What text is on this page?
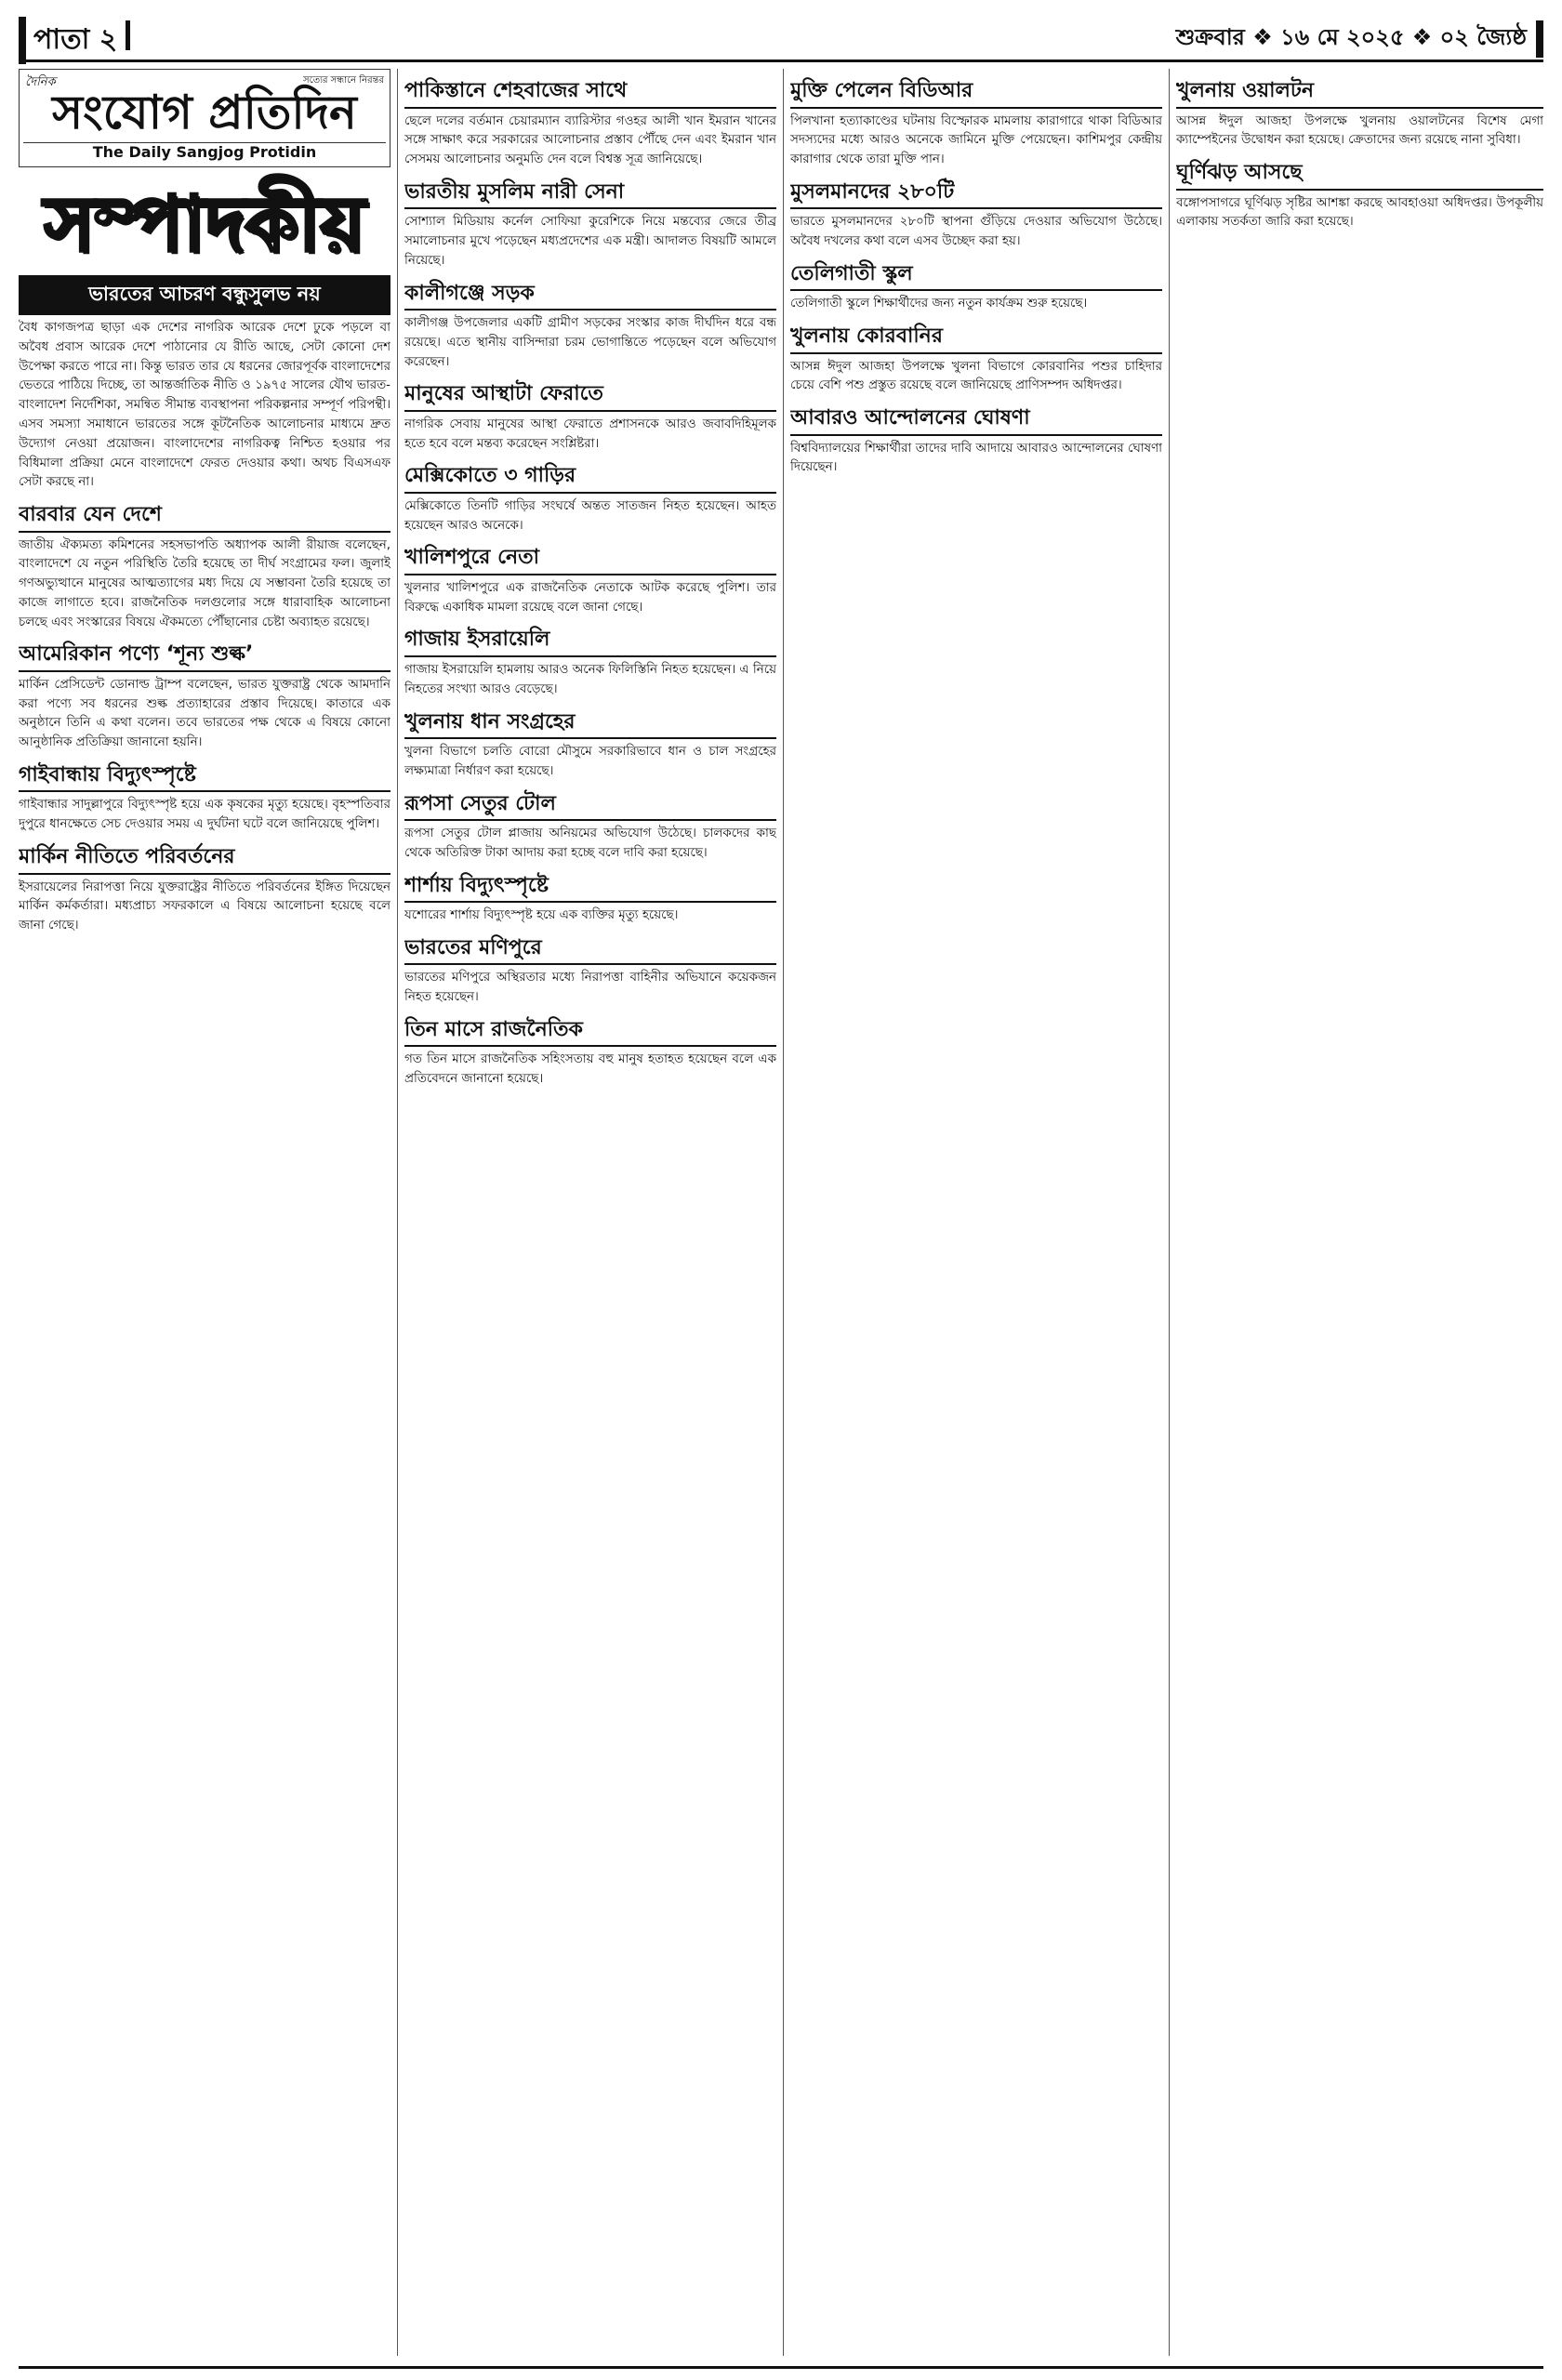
পাতা ২	শুক্রবার ❖ ১৬ মে ২০২৫ ❖ ০২ জ্যৈষ্ঠ
দৈনিক	সত্যের সন্ধানে নিরন্তর
সংযোগ প্রতিদিন
The Daily Sangjog Protidin
সম্পাদকীয়
ভারতের আচরণ বন্ধুসুলভ নয়

বৈধ কাগজপত্র ছাড়া এক দেশের নাগরিক আরেক দেশে ঢুকে পড়লে বা অবৈধ প্রবাস আরেক দেশে পাঠানোর যে রীতি আছে, সেটা কোনো দেশ উপেক্ষা করতে পারে না। কিন্তু ভারত তার যে ধরনের জোরপূর্বক বাংলাদেশের ভেতরে পাঠিয়ে দিচ্ছে, তা আন্তর্জাতিক নীতি ও ১৯৭৫ সালের যৌথ ভারত-বাংলাদেশ নির্দেশিকা, সমন্বিত সীমান্ত ব্যবস্থাপনা পরিকল্পনার সম্পূর্ণ পরিপন্থী। এসব সমস্যা সমাধানে ভারতের সঙ্গে কূটনৈতিক আলোচনার মাধ্যমে দ্রুত উদ্যোগ নেওয়া প্রয়োজন। বাংলাদেশের নাগরিকত্ব নিশ্চিত হওয়ার পর বিধিমালা প্রক্রিয়া মেনে বাংলাদেশে ফেরত দেওয়ার কথা। অথচ বিএসএফ সেটা করছে না।

বারবার যেন দেশে

জাতীয় ঐক্যমত্য কমিশনের সহসভাপতি অধ্যাপক আলী রীয়াজ বলেছেন, বাংলাদেশে যে নতুন পরিস্থিতি তৈরি হয়েছে তা দীর্ঘ সংগ্রামের ফল। জুলাই গণঅভ্যুত্থানে মানুষের আত্মত্যাগের মধ্য দিয়ে যে সম্ভাবনা তৈরি হয়েছে তা কাজে লাগাতে হবে। রাজনৈতিক দলগুলোর সঙ্গে ধারাবাহিক আলোচনা চলছে এবং সংস্কারের বিষয়ে ঐকমত্যে পৌঁছানোর চেষ্টা অব্যাহত রয়েছে।

আমেরিকান পণ্যে ‘শূন্য শুল্ক’

মার্কিন প্রেসিডেন্ট ডোনাল্ড ট্রাম্প বলেছেন, ভারত যুক্তরাষ্ট্র থেকে আমদানি করা পণ্যে সব ধরনের শুল্ক প্রত্যাহারের প্রস্তাব দিয়েছে। কাতারে এক অনুষ্ঠানে তিনি এ কথা বলেন। তবে ভারতের পক্ষ থেকে এ বিষয়ে কোনো আনুষ্ঠানিক প্রতিক্রিয়া জানানো হয়নি।

গাইবান্ধায় বিদ্যুৎস্পৃষ্টে

গাইবান্ধার সাদুল্লাপুরে বিদ্যুৎস্পৃষ্ট হয়ে এক কৃষকের মৃত্যু হয়েছে। বৃহস্পতিবার দুপুরে ধানক্ষেতে সেচ দেওয়ার সময় এ দুর্ঘটনা ঘটে বলে জানিয়েছে পুলিশ।

মার্কিন নীতিতে পরিবর্তনের

ইসরায়েলের নিরাপত্তা নিয়ে যুক্তরাষ্ট্রের নীতিতে পরিবর্তনের ইঙ্গিত দিয়েছেন মার্কিন কর্মকর্তারা। মধ্যপ্রাচ্য সফরকালে এ বিষয়ে আলোচনা হয়েছে বলে জানা গেছে।

পাকিস্তানে শেহবাজের সাথে

ছেলে দলের বর্তমান চেয়ারম্যান ব্যারিস্টার গওহর আলী খান ইমরান খানের সঙ্গে সাক্ষাৎ করে সরকারের আলোচনার প্রস্তাব পৌঁছে দেন এবং ইমরান খান সেসময় আলোচনার অনুমতি দেন বলে বিশ্বস্ত সূত্র জানিয়েছে।

ভারতীয় মুসলিম নারী সেনা

সোশ্যাল মিডিয়ায় কর্নেল সোফিয়া কুরেশিকে নিয়ে মন্তব্যের জেরে তীব্র সমালোচনার মুখে পড়েছেন মধ্যপ্রদেশের এক মন্ত্রী। আদালত বিষয়টি আমলে নিয়েছে।

কালীগঞ্জে সড়ক

কালীগঞ্জ উপজেলার একটি গ্রামীণ সড়কের সংস্কার কাজ দীর্ঘদিন ধরে বন্ধ রয়েছে। এতে স্থানীয় বাসিন্দারা চরম ভোগান্তিতে পড়েছেন বলে অভিযোগ করেছেন।

মানুষের আস্থাটা ফেরাতে

নাগরিক সেবায় মানুষের আস্থা ফেরাতে প্রশাসনকে আরও জবাবদিহিমূলক হতে হবে বলে মন্তব্য করেছেন সংশ্লিষ্টরা।

মেক্সিকোতে ৩ গাড়ির

মেক্সিকোতে তিনটি গাড়ির সংঘর্ষে অন্তত সাতজন নিহত হয়েছেন। আহত হয়েছেন আরও অনেকে।

খালিশপুরে নেতা

খুলনার খালিশপুরে এক রাজনৈতিক নেতাকে আটক করেছে পুলিশ। তার বিরুদ্ধে একাধিক মামলা রয়েছে বলে জানা গেছে।

গাজায় ইসরায়েলি

গাজায় ইসরায়েলি হামলায় আরও অনেক ফিলিস্তিনি নিহত হয়েছেন। এ নিয়ে নিহতের সংখ্যা আরও বেড়েছে।

খুলনায় ধান সংগ্রহের

খুলনা বিভাগে চলতি বোরো মৌসুমে সরকারিভাবে ধান ও চাল সংগ্রহের লক্ষ্যমাত্রা নির্ধারণ করা হয়েছে।

রূপসা সেতুর টোল

রূপসা সেতুর টোল প্লাজায় অনিয়মের অভিযোগ উঠেছে। চালকদের কাছ থেকে অতিরিক্ত টাকা আদায় করা হচ্ছে বলে দাবি করা হয়েছে।

শার্শায় বিদ্যুৎস্পৃষ্টে

যশোরের শার্শায় বিদ্যুৎস্পৃষ্ট হয়ে এক ব্যক্তির মৃত্যু হয়েছে।

ভারতের মণিপুরে

ভারতের মণিপুরে অস্থিরতার মধ্যে নিরাপত্তা বাহিনীর অভিযানে কয়েকজন নিহত হয়েছেন।

তিন মাসে রাজনৈতিক

গত তিন মাসে রাজনৈতিক সহিংসতায় বহু মানুষ হতাহত হয়েছেন বলে এক প্রতিবেদনে জানানো হয়েছে।

মুক্তি পেলেন বিডিআর

পিলখানা হত্যাকাণ্ডের ঘটনায় বিস্ফোরক মামলায় কারাগারে থাকা বিডিআর সদস্যদের মধ্যে আরও অনেকে জামিনে মুক্তি পেয়েছেন। কাশিমপুর কেন্দ্রীয় কারাগার থেকে তারা মুক্তি পান।

মুসলমানদের ২৮০টি

ভারতে মুসলমানদের ২৮০টি স্থাপনা গুঁড়িয়ে দেওয়ার অভিযোগ উঠেছে। অবৈধ দখলের কথা বলে এসব উচ্ছেদ করা হয়।

তেলিগাতী স্কুল

তেলিগাতী স্কুলে শিক্ষার্থীদের জন্য নতুন কার্যক্রম শুরু হয়েছে।

খুলনায় কোরবানির

আসন্ন ঈদুল আজহা উপলক্ষে খুলনা বিভাগে কোরবানির পশুর চাহিদার চেয়ে বেশি পশু প্রস্তুত রয়েছে বলে জানিয়েছে প্রাণিসম্পদ অধিদপ্তর।

আবারও আন্দোলনের ঘোষণা

বিশ্ববিদ্যালয়ের শিক্ষার্থীরা তাদের দাবি আদায়ে আবারও আন্দোলনের ঘোষণা দিয়েছেন।

খুলনায় ওয়ালটন

আসন্ন ঈদুল আজহা উপলক্ষে খুলনায় ওয়ালটনের বিশেষ মেগা ক্যাম্পেইনের উদ্বোধন করা হয়েছে। ক্রেতাদের জন্য রয়েছে নানা সুবিধা।

ঘূর্ণিঝড় আসছে

বঙ্গোপসাগরে ঘূর্ণিঝড় সৃষ্টির আশঙ্কা করছে আবহাওয়া অধিদপ্তর। উপকূলীয় এলাকায় সতর্কতা জারি করা হয়েছে।
